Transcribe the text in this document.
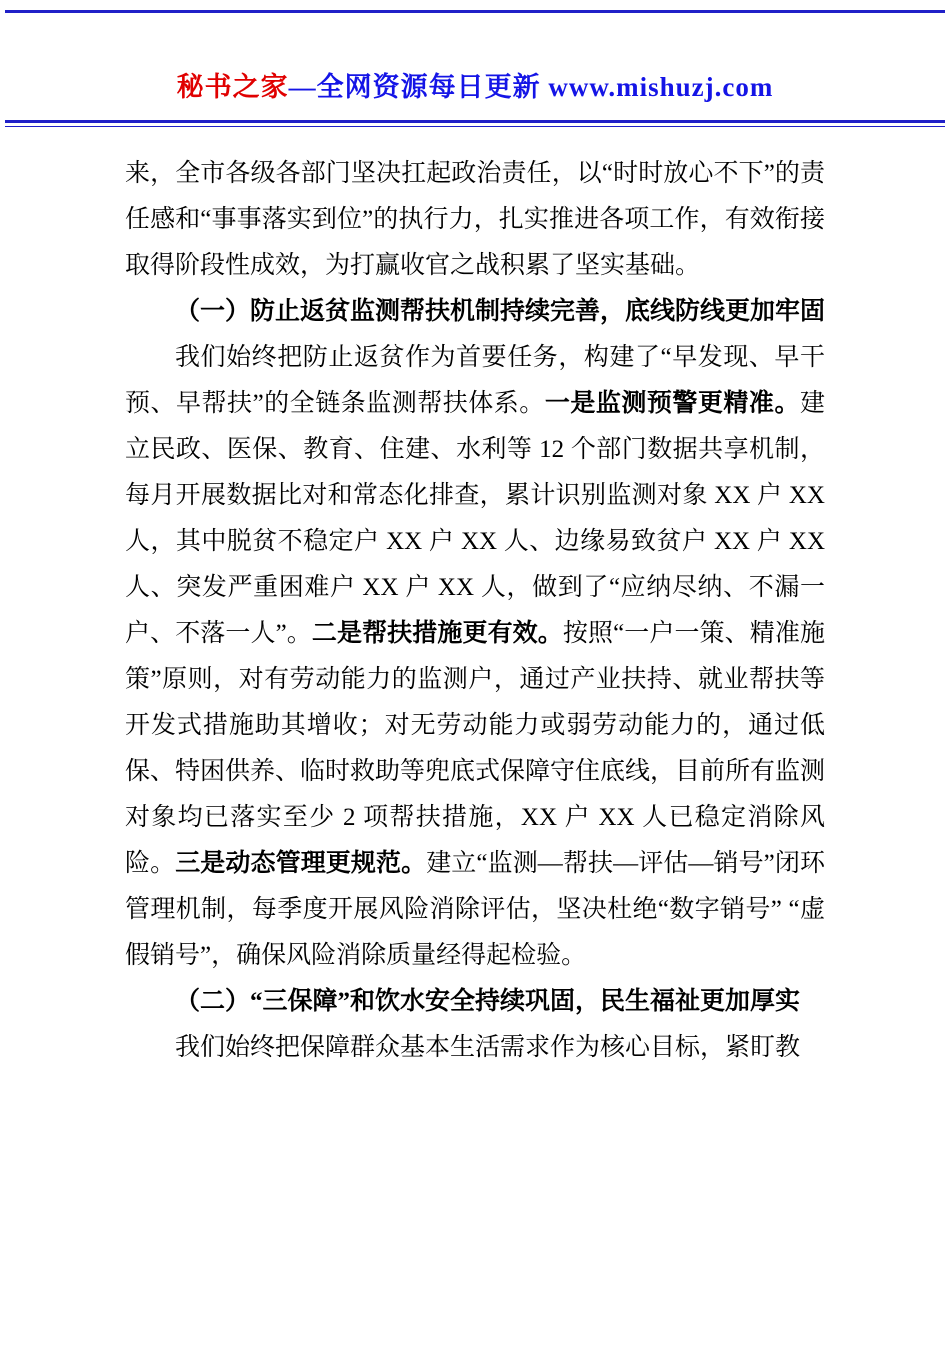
秘书之家—全网资源每日更新 www.mishuzj.com

来，全市各级各部门坚决扛起政治责任，以“时时放心不下”的责任感和“事事落实到位”的执行力，扎实推进各项工作，有效衔接取得阶段性成效，为打赢收官之战积累了坚实基础。

（一）防止返贫监测帮扶机制持续完善，底线防线更加牢固

我们始终把防止返贫作为首要任务，构建了“早发现、早干预、早帮扶”的全链条监测帮扶体系。一是监测预警更精准。建立民政、医保、教育、住建、水利等 12 个部门数据共享机制，每月开展数据比对和常态化排查，累计识别监测对象 XX 户 XX 人，其中脱贫不稳定户 XX 户 XX 人、边缘易致贫户 XX 户 XX 人、突发严重困难户 XX 户 XX 人，做到了“应纳尽纳、不漏一户、不落一人”。二是帮扶措施更有效。按照“一户一策、精准施策”原则，对有劳动能力的监测户，通过产业扶持、就业帮扶等开发式措施助其增收；对无劳动能力或弱劳动能力的，通过低保、特困供养、临时救助等兜底式保障守住底线，目前所有监测对象均已落实至少 2 项帮扶措施，XX 户 XX 人已稳定消除风险。三是动态管理更规范。建立“监测—帮扶—评估—销号”闭环管理机制，每季度开展风险消除评估，坚决杜绝“数字销号” “虚假销号”，确保风险消除质量经得起检验。

（二）“三保障”和饮水安全持续巩固，民生福祉更加厚实

我们始终把保障群众基本生活需求作为核心目标，紧盯教
